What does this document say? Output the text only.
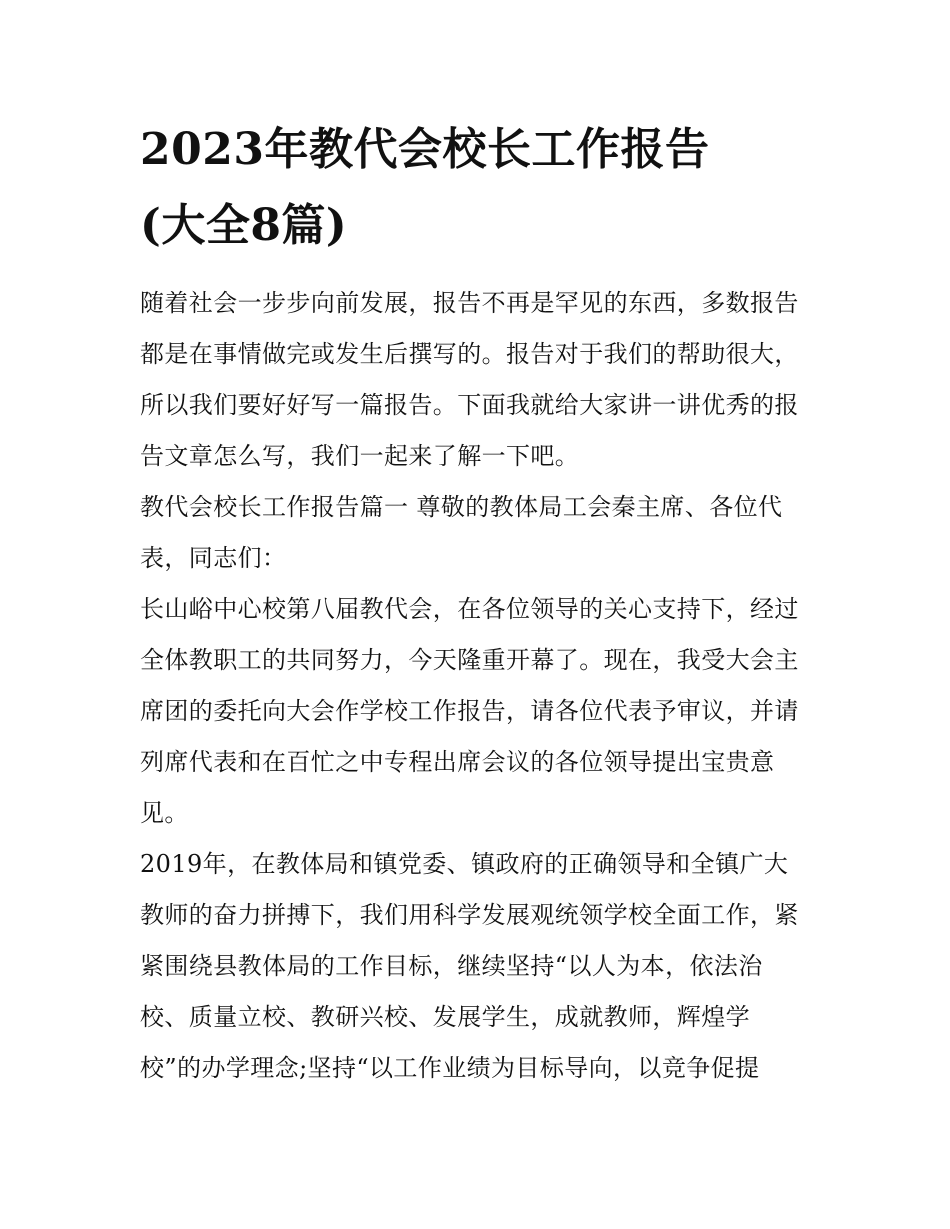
2023年教代会校长工作报告
(大全8篇)
随着社会一步步向前发展，报告不再是罕见的东西，多数报告
都是在事情做完或发生后撰写的。报告对于我们的帮助很大，
所以我们要好好写一篇报告。下面我就给大家讲一讲优秀的报
告文章怎么写，我们一起来了解一下吧。
教代会校长工作报告篇一 尊敬的教体局工会秦主席、各位代
表，同志们：
长山峪中心校第八届教代会，在各位领导的关心支持下，经过
全体教职工的共同努力，今天隆重开幕了。现在，我受大会主
席团的委托向大会作学校工作报告，请各位代表予审议，并请
列席代表和在百忙之中专程出席会议的各位领导提出宝贵意
见。
2019年，在教体局和镇党委、镇政府的正确领导和全镇广大
教师的奋力拼搏下，我们用科学发展观统领学校全面工作，紧
紧围绕县教体局的工作目标，继续坚持“以人为本，依法治
校、质量立校、教研兴校、发展学生，成就教师，辉煌学
校”的办学理念;坚持“以工作业绩为目标导向，以竞争促提
